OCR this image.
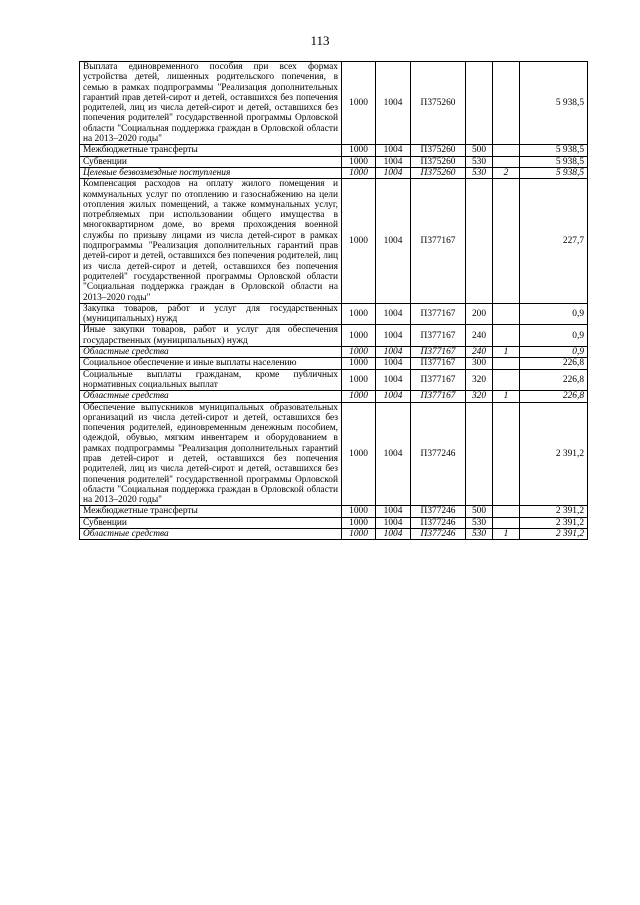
113
Выплата единовременного пособия при всех формах устройства детей, лишенных родительского попечения, в семью в рамках подпрограммы "Реализация дополнительных гарантий прав детей-сирот и детей, оставшихся без попечения родителей, лиц из числа детей-сирот и детей, оставшихся без попечения родителей" государственной программы Орловской области "Социальная поддержка граждан в Орловской области на 2013–2020 годы"	1000	1004	П375260			5 938,5
Межбюджетные трансферты	1000	1004	П375260	500		5 938,5
Субвенции	1000	1004	П375260	530		5 938,5
Целевые безвозмездные поступления	1000	1004	П375260	530	2	5 938,5
Компенсация расходов на оплату жилого помещения и коммунальных услуг по отоплению и газоснабжению на цели отопления жилых помещений, а также коммунальных услуг, потребляемых при использовании общего имущества в многоквартирном доме, во время прохождения военной службы по призыву лицами из числа детей-сирот в рамках подпрограммы "Реализация дополнительных гарантий прав детей-сирот и детей, оставшихся без попечения родителей, лиц из числа детей-сирот и детей, оставшихся без попечения родителей" государственной программы Орловской области "Социальная поддержка граждан в Орловской области на 2013–2020 годы"	1000	1004	П377167			227,7
Закупка товаров, работ и услуг для государственных (муниципальных) нужд	1000	1004	П377167	200		0,9
Иные закупки товаров, работ и услуг для обеспечения государственных (муниципальных) нужд	1000	1004	П377167	240		0,9
Областные средства	1000	1004	П377167	240	1	0,9
Социальное обеспечение и иные выплаты населению	1000	1004	П377167	300		226,8
Социальные выплаты гражданам, кроме публичных нормативных социальных выплат	1000	1004	П377167	320		226,8
Областные средства	1000	1004	П377167	320	1	226,8
Обеспечение выпускников муниципальных образовательных организаций из числа детей-сирот и детей, оставшихся без попечения родителей, единовременным денежным пособием, одеждой, обувью, мягким инвентарем и оборудованием в рамках подпрограммы "Реализация дополнительных гарантий прав детей-сирот и детей, оставшихся без попечения родителей, лиц из числа детей-сирот и детей, оставшихся без попечения родителей" государственной программы Орловской области "Социальная поддержка граждан в Орловской области на 2013–2020 годы"	1000	1004	П377246			2 391,2
Межбюджетные трансферты	1000	1004	П377246	500		2 391,2
Субвенции	1000	1004	П377246	530		2 391,2
Областные средства	1000	1004	П377246	530	1	2 391,2
